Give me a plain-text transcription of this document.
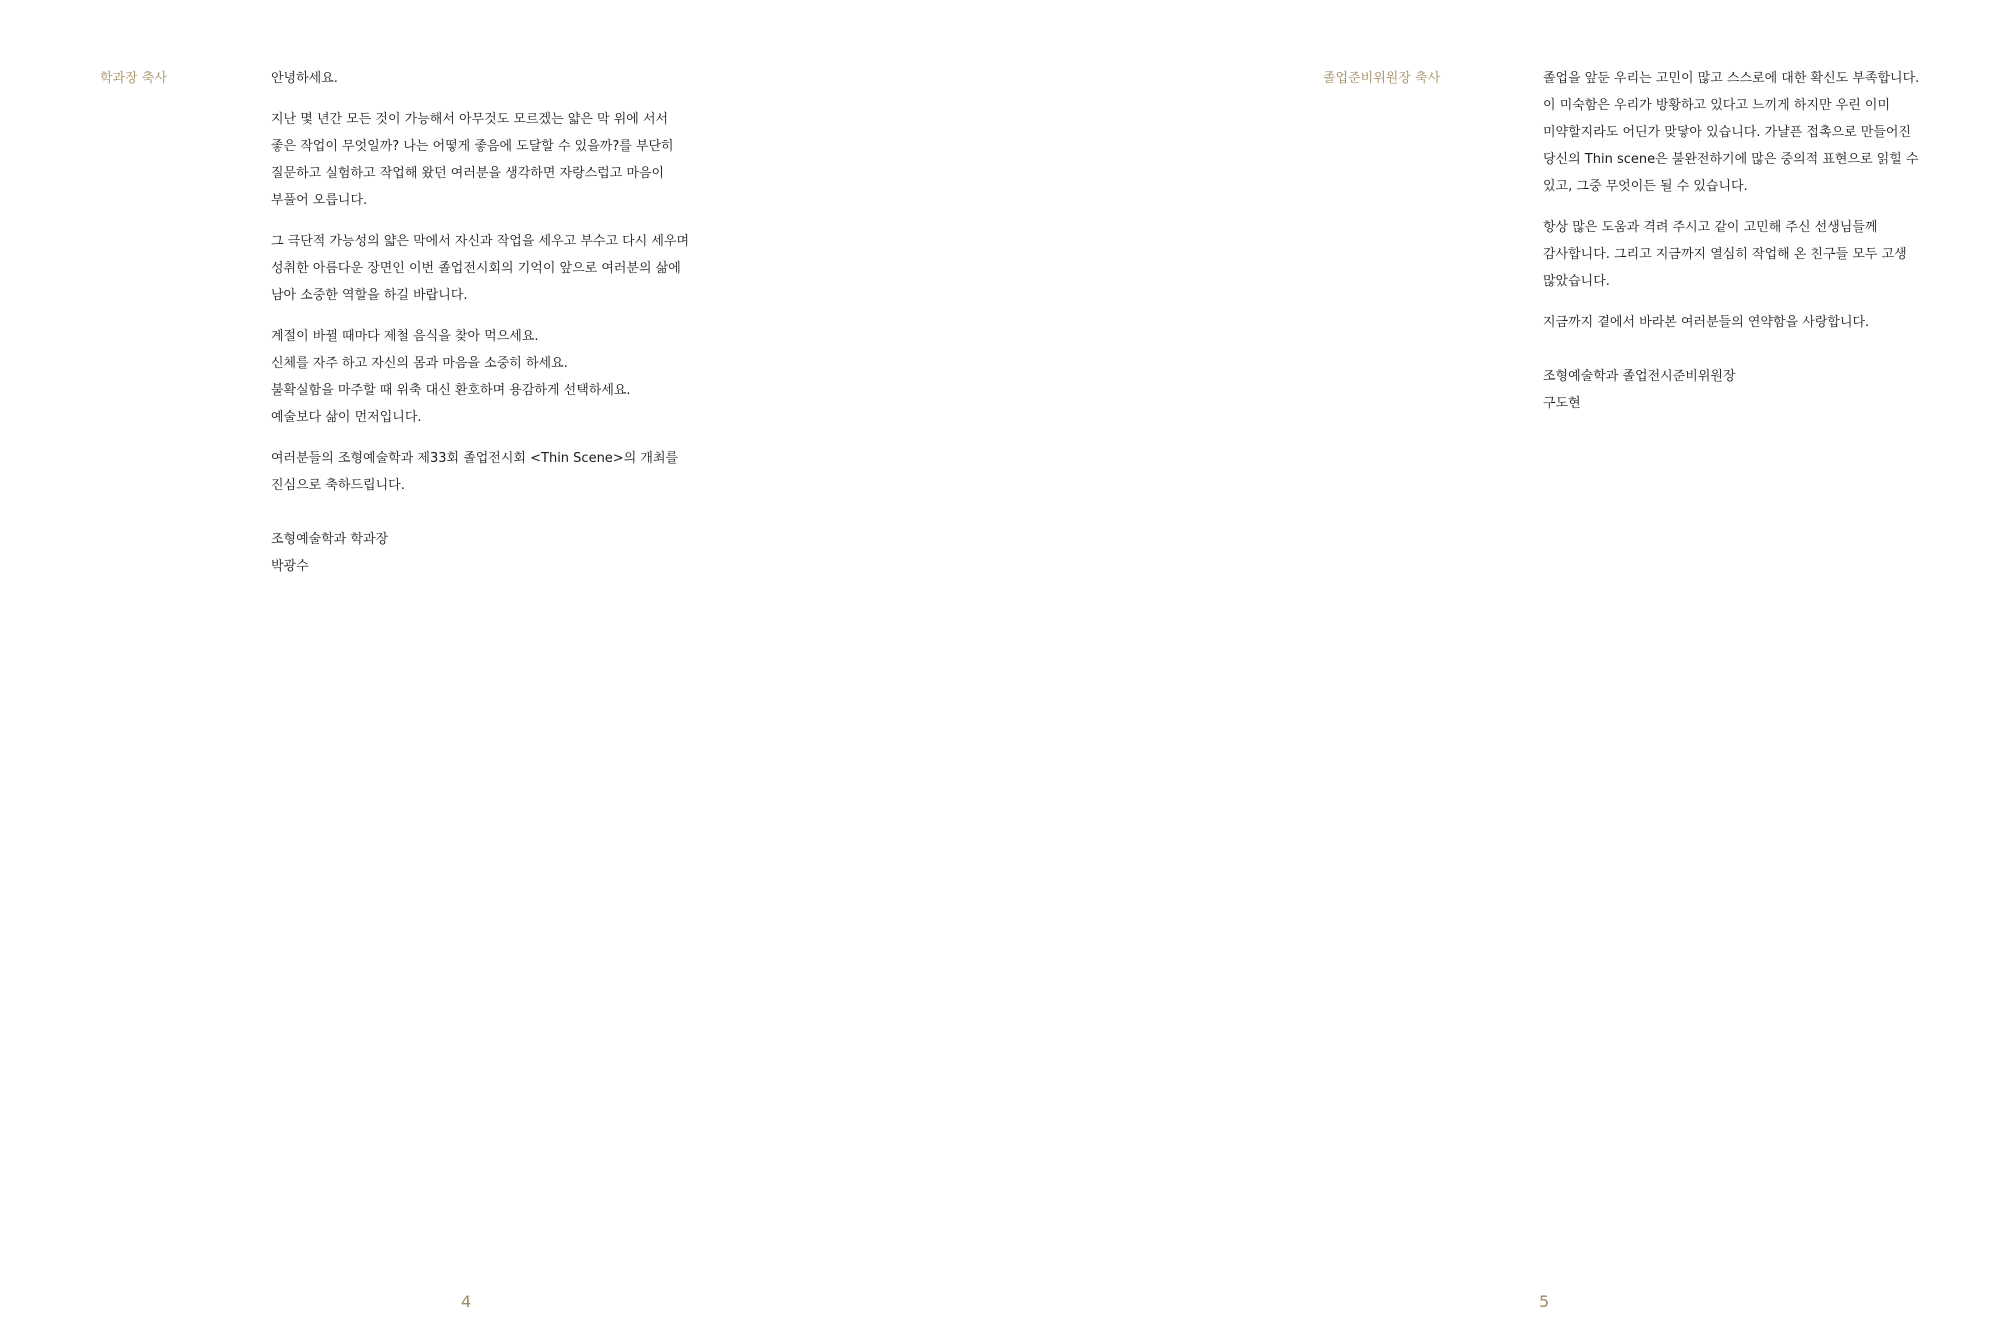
학과장 축사	안녕하세요.

지난 몇 년간 모든 것이 가능해서 아무것도 모르겠는 얇은 막 위에 서서
좋은 작업이 무엇일까? 나는 어떻게 좋음에 도달할 수 있을까?를 부단히
질문하고 실험하고 작업해 왔던 여러분을 생각하면 자랑스럽고 마음이
부풀어 오릅니다.

그 극단적 가능성의 얇은 막에서 자신과 작업을 세우고 부수고 다시 세우며
성취한 아름다운 장면인 이번 졸업전시회의 기억이 앞으로 여러분의 삶에
남아 소중한 역할을 하길 바랍니다.

계절이 바뀔 때마다 제철 음식을 찾아 먹으세요.
신체를 자주 하고 자신의 몸과 마음을 소중히 하세요.
불확실함을 마주할 때 위축 대신 환호하며 용감하게 선택하세요.
예술보다 삶이 먼저입니다.

여러분들의 조형예술학과 제33회 졸업전시회 <Thin Scene>의 개최를
진심으로 축하드립니다.

조형예술학과 학과장
박광수
4
졸업준비위원장 축사	졸업을 앞둔 우리는 고민이 많고 스스로에 대한 확신도 부족합니다.
이 미숙함은 우리가 방황하고 있다고 느끼게 하지만 우린 이미
미약할지라도 어딘가 맞닿아 있습니다. 가냘픈 접촉으로 만들어진
당신의 Thin scene은 불완전하기에 많은 중의적 표현으로 읽힐 수
있고, 그중 무엇이든 될 수 있습니다.

항상 많은 도움과 격려 주시고 같이 고민해 주신 선생님들께
감사합니다. 그리고 지금까지 열심히 작업해 온 친구들 모두 고생
많았습니다.

지금까지 곁에서 바라본 여러분들의 연약함을 사랑합니다.

조형예술학과 졸업전시준비위원장
구도현
5
